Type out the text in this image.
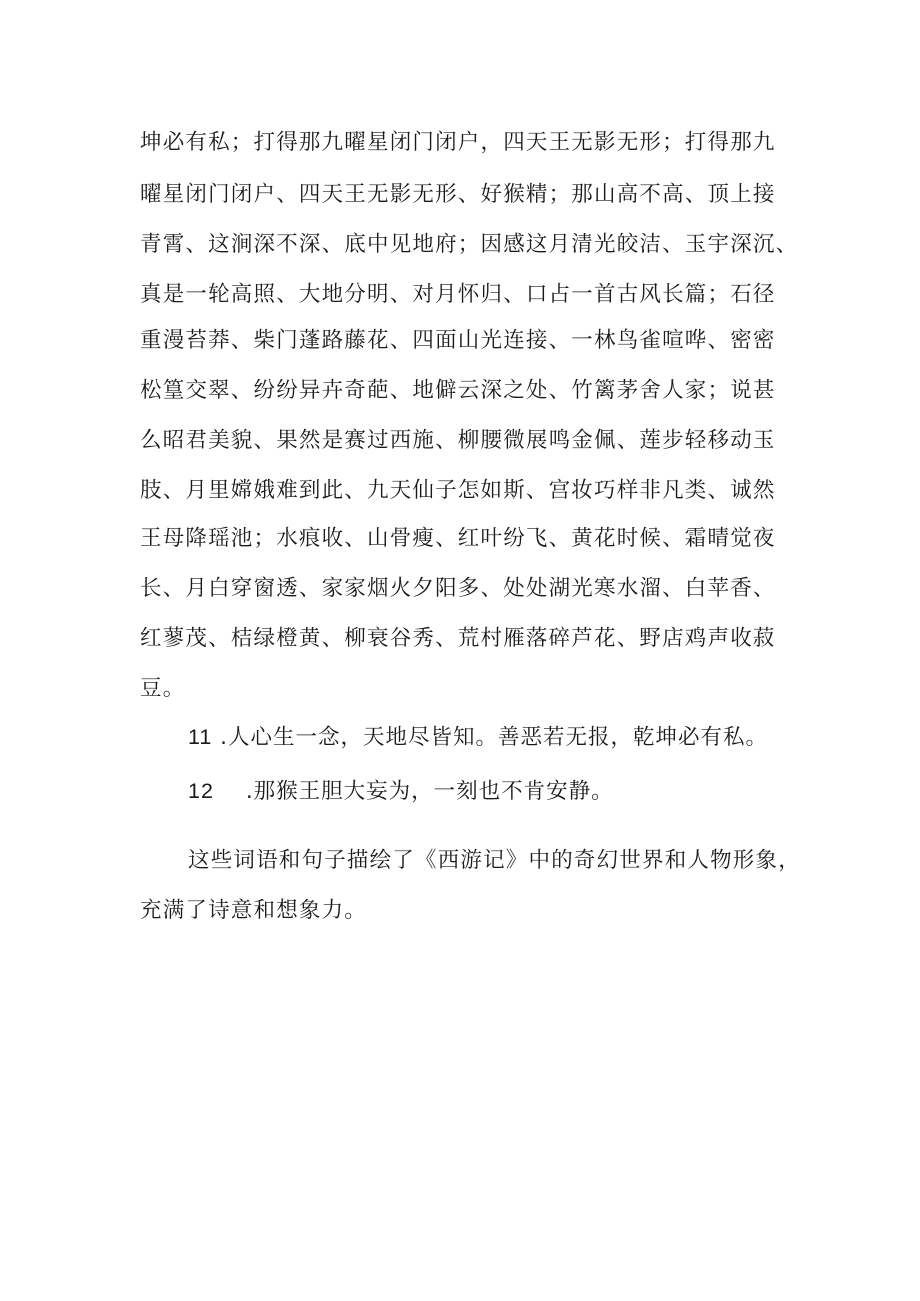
坤必有私；打得那九曜星闭门闭户，四天王无影无形；打得那九
曜星闭门闭户、四天王无影无形、好猴精；那山高不高、顶上接
青霄、这涧深不深、底中见地府；因感这月清光皎洁、玉宇深沉、
真是一轮高照、大地分明、对月怀归、口占一首古风长篇；石径
重漫苔莽、柴门蓬路藤花、四面山光连接、一林鸟雀喧哗、密密
松篁交翠、纷纷异卉奇葩、地僻云深之处、竹篱茅舍人家；说甚
么昭君美貌、果然是赛过西施、柳腰微展鸣金佩、莲步轻移动玉
肢、月里嫦娥难到此、九天仙子怎如斯、宫妆巧样非凡类、诚然
王母降瑶池；水痕收、山骨瘦、红叶纷飞、黄花时候、霜晴觉夜
长、月白穿窗透、家家烟火夕阳多、处处湖光寒水溜、白苹香、
红蓼茂、桔绿橙黄、柳衰谷秀、荒村雁落碎芦花、野店鸡声收菽
豆。
11 .人心生一念，天地尽皆知。善恶若无报，乾坤必有私。
12 .那猴王胆大妄为，一刻也不肯安静。
这些词语和句子描绘了《西游记》中的奇幻世界和人物形象，
充满了诗意和想象力。
